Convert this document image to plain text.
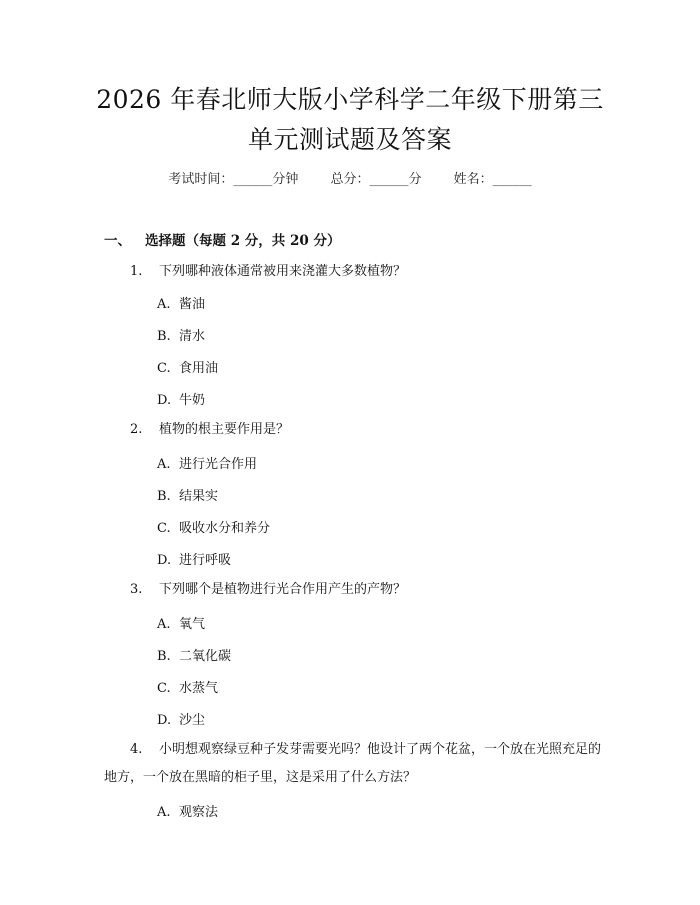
2026 年春北师大版小学科学二年级下册第三
单元测试题及答案
考试时间：______分钟 总分：______分 姓名：______
一、 选择题（每题 2 分，共 20 分）
1.	下列哪种液体通常被用来浇灌大多数植物？
A. 酱油
B. 清水
C. 食用油
D. 牛奶
2.	植物的根主要作用是？
A. 进行光合作用
B. 结果实
C. 吸收水分和养分
D. 进行呼吸
3.	下列哪个是植物进行光合作用产生的产物？
A. 氧气
B. 二氧化碳
C. 水蒸气
D. 沙尘
4.	小明想观察绿豆种子发芽需要光吗？他设计了两个花盆，一个放在光照充足的地方，一个放在黑暗的柜子里，这是采用了什么方法？
A. 观察法
